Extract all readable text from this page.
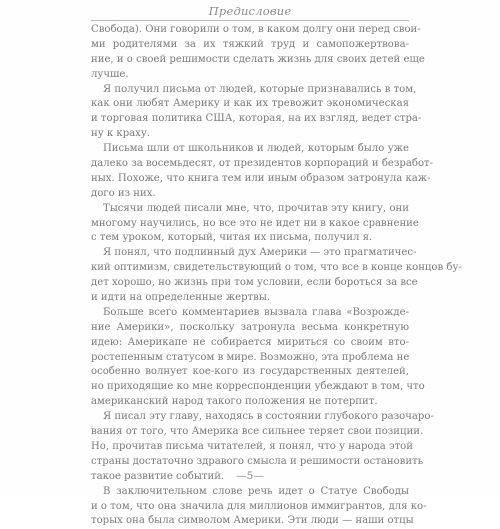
Предисловие
Свобода). Они говорили о том, в каком долгу они перед свои-
ми родителями за их тяжкий труд и самопожертвова-
ние, и о своей решимости сделать жизнь для своих детей еще
лучше.
Я получил письма от людей, которые признавались в том,
как они любят Америку и как их тревожит экономическая
и торговая политика США, которая, на их взгляд, ведет стра-
ну к краху.
Письма шли от школьников и людей, которым было уже
далеко за восемьдесят, от президентов корпораций и безработ-
ных. Похоже, что книга тем или иным образом затронула каж-
дого из них.
Тысячи людей писали мне, что, прочитав эту книгу, они
многому научились, но все это не идет ни в какое сравнение
с тем уроком, который, читая их письма, получил я.
Я понял, что подлинный дух Америки — это прагматичес-
кий оптимизм, свидетельствующий о том, что все в конце концов бу-
дет хорошо, но жизнь при том условии, если бороться за все
и идти на определенные жертвы.
Больше всего комментариев вызвала глава «Возрожде-
ние Америки», поскольку затронула весьма конкретную
идею: Америкапе не собирается мириться со своим вто-
ростепенным статусом в мире. Возможно, эта проблема не
особенно волнует кое-кого из государственных деятелей,
но приходящие ко мне корреспонденции убеждают в том, что
американский народ такого положения не потерпит.
Я писал эту главу, находясь в состоянии глубокого разочаро-
вания от того, что Америка все сильнее теряет свои позиции.
Но, прочитав письма читателей, я понял, что у народа этой
страны достаточно здравого смысла и решимости остановить
такое развитие событий.
В заключительном слове речь идет о Статуе Свободы
и о том, что она значила для миллионов иммигрантов, для ко-
торых она была символом Америки. Эти люди — наши отцы
—5—
